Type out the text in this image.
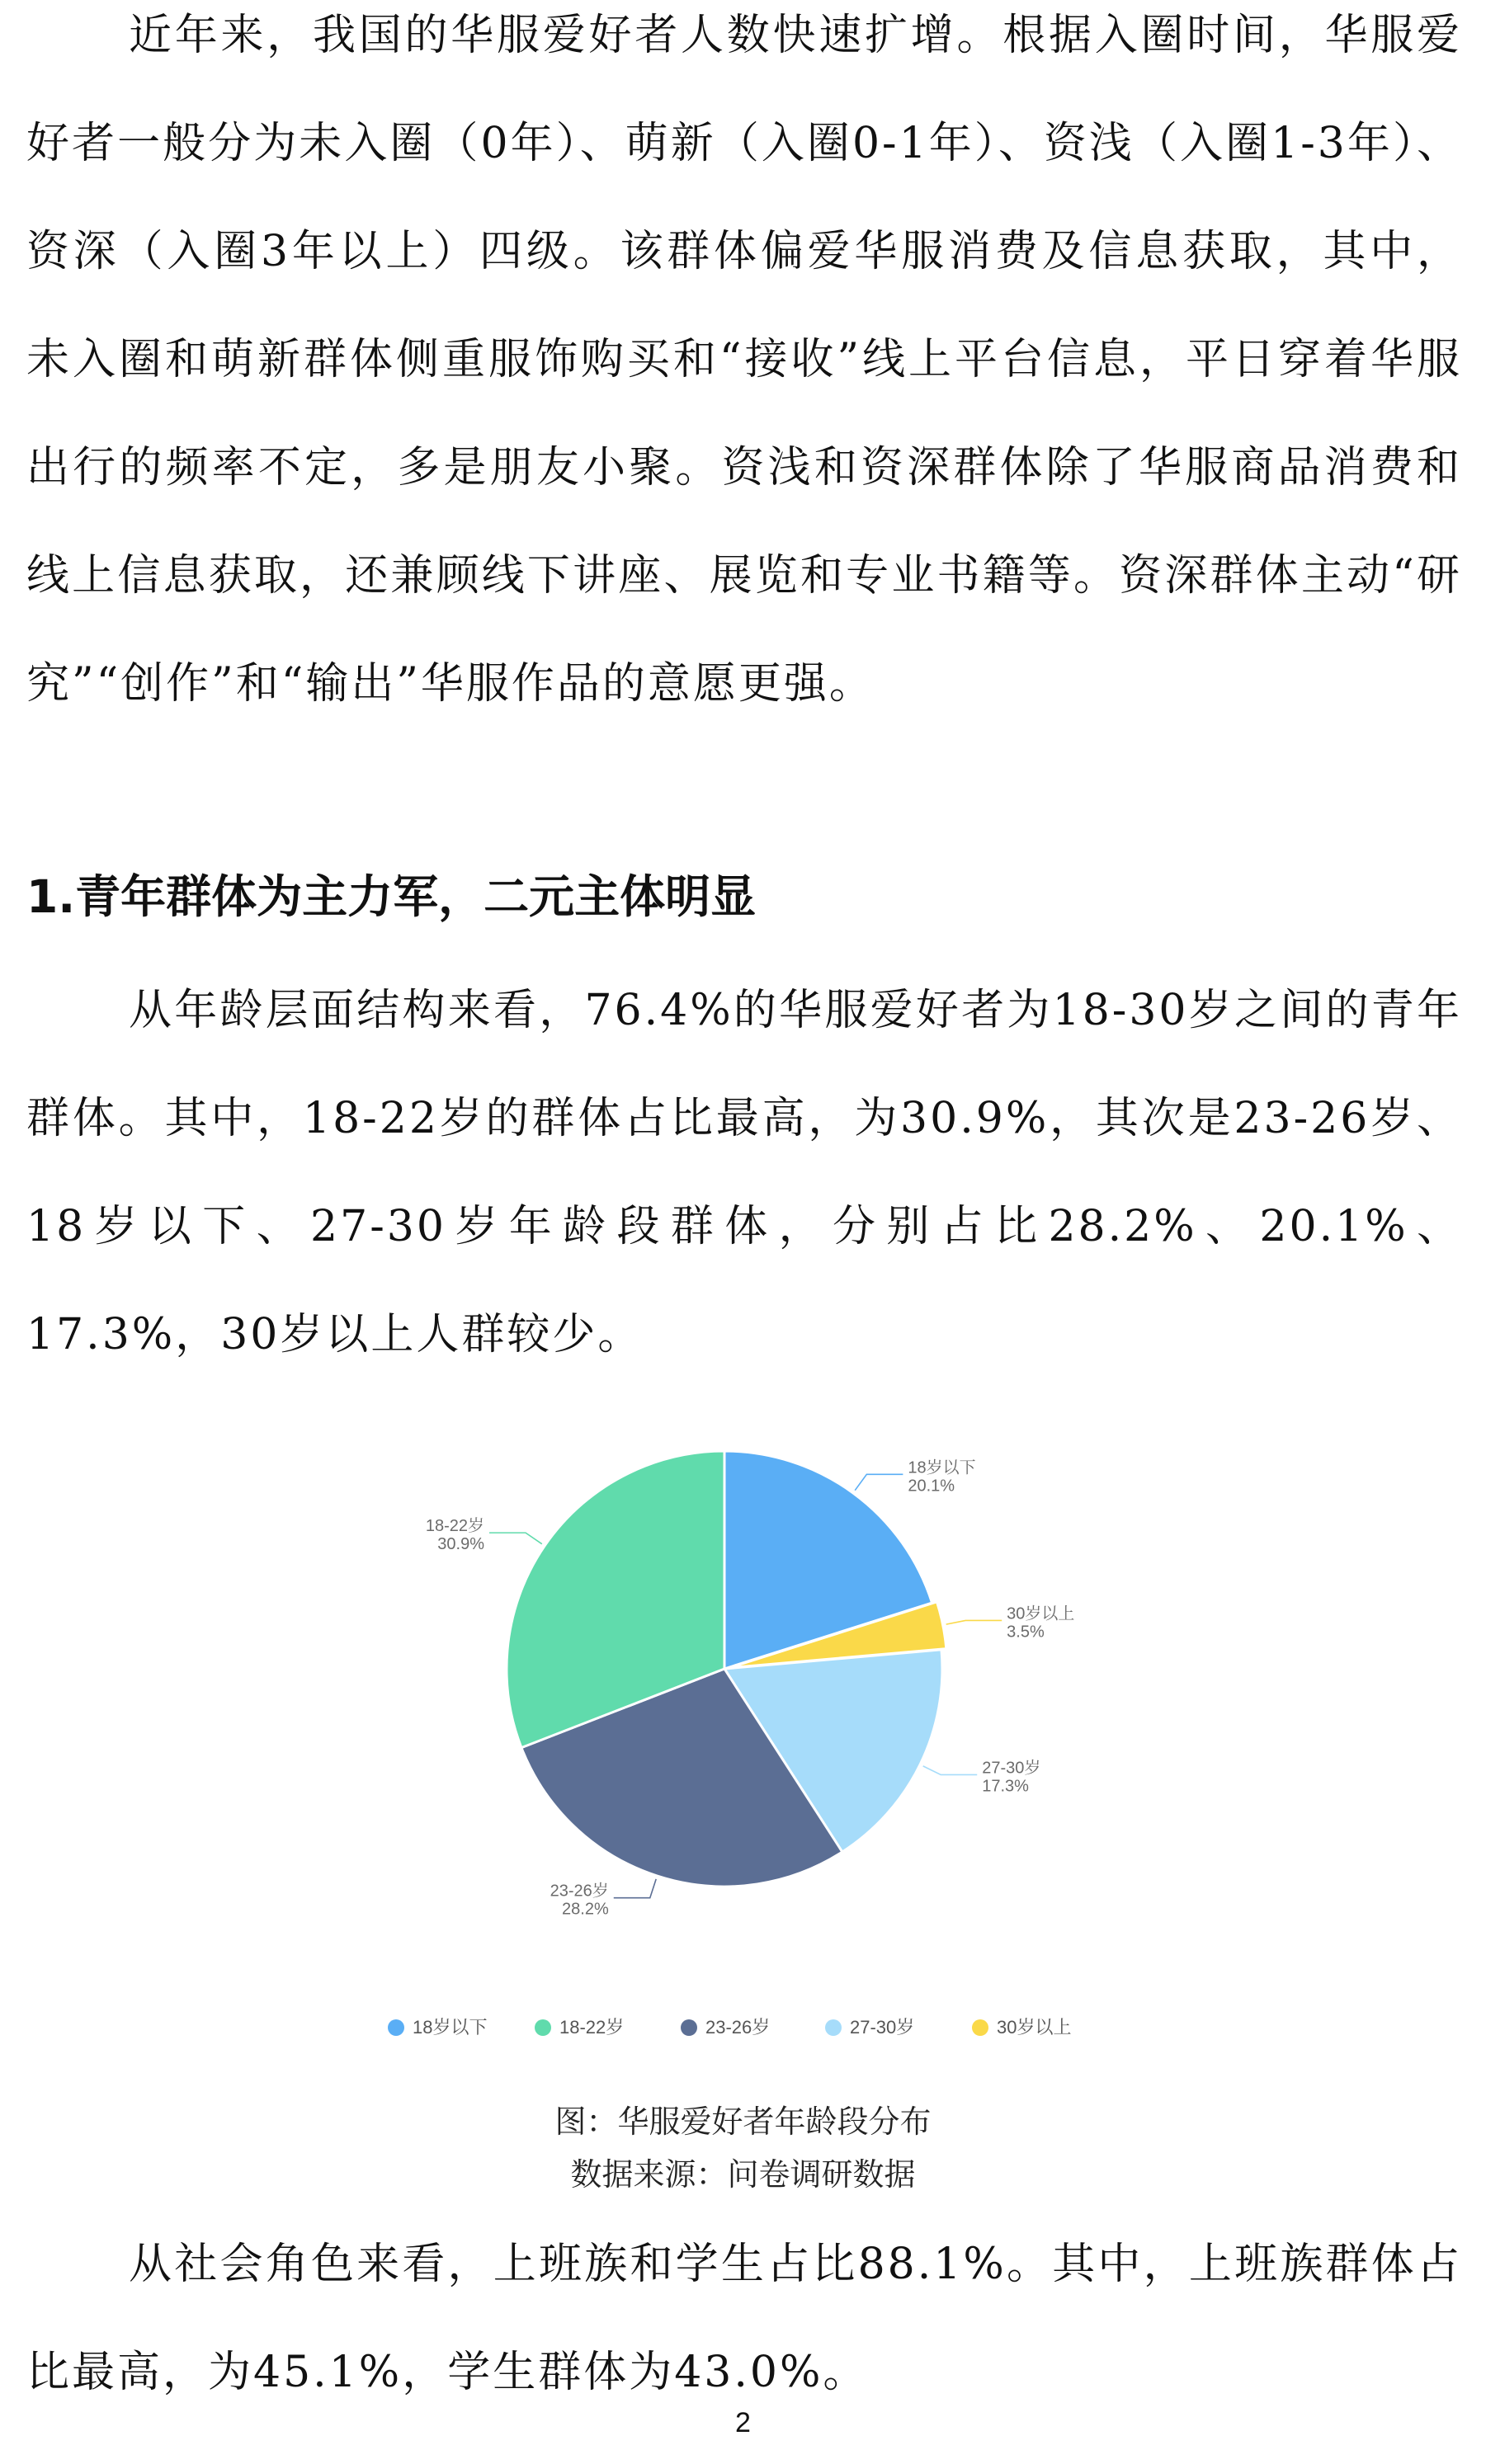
近年来，我国的华服爱好者人数快速扩增。根据入圈时间，华服爱好者一般分为未入圈（0年）、萌新（入圈0-1年）、资浅（入圈1-3年）、资深（入圈3年以上）四级。该群体偏爱华服消费及信息获取，其中，未入圈和萌新群体侧重服饰购买和“接收”线上平台信息，平日穿着华服出行的频率不定，多是朋友小聚。资浅和资深群体除了华服商品消费和线上信息获取，还兼顾线下讲座、展览和专业书籍等。资深群体主动“研究”“创作”和“输出”华服作品的意愿更强。

1.青年群体为主力军，二元主体明显

从年龄层面结构来看，76.4%的华服爱好者为18-30岁之间的青年群体。其中，18-22岁的群体占比最高，为30.9%，其次是23-26岁、18岁以下、27-30岁年龄段群体，分别占比28.2%、20.1%、17.3%，30岁以上人群较少。

18岁以下
20.1%
30岁以上
3.5%
27-30岁
17.3%
23-26岁
28.2%
18-22岁
30.9%
18岁以下	18-22岁	23-26岁	27-30岁	30岁以上
图：华服爱好者年龄段分布
数据来源：问卷调研数据

从社会角色来看，上班族和学生占比88.1%。其中，上班族群体占比最高，为45.1%，学生群体为43.0%。

2
